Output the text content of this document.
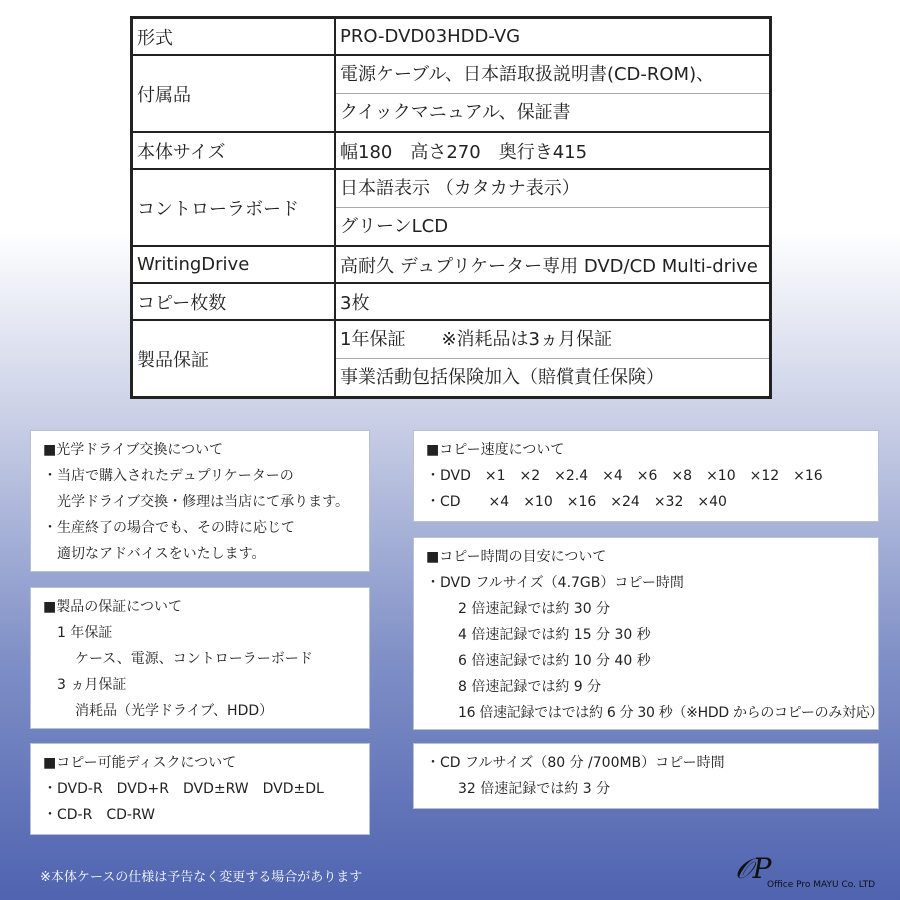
形式	PRO-DVD03HDD-VG
付属品	電源ケーブル、日本語取扱説明書(CD-ROM)、
クイックマニュアル、保証書

本体サイズ	幅180　高さ270　奥行き415
コントローラボード	日本語表示 （カタカナ表示）
グリーンLCD

WritingDrive	高耐久 デュプリケーター専用 DVD/CD Multi-drive
コピー枚数	3枚
製品保証	1年保証　　※消耗品は3ヵ月保証
事業活動包括保険加入（賠償責任保険）
■光学ドライブ交換について
・当店で購入されたデュプリケーターの
光学ドライブ交換・修理は当店にて承ります。
・生産終了の場合でも、その時に応じて
適切なアドバイスをいたします。
■製品の保証について
1 年保証
ケース、電源、コントローラーボード
3 ヵ月保証
消耗品（光学ドライブ、HDD）
■コピー可能ディスクについて
・DVD-R　DVD+R　DVD±RW　DVD±DL
・CD-R　CD-RW
■コピー速度について
・DVD　×1　×2　×2.4　×4　×6　×8　×10　×12　×16
・CD　　×4　×10　×16　×24　×32　×40
■コピー時間の目安について
・DVD フルサイズ（4.7GB）コピー時間
2 倍速記録では約 30 分
4 倍速記録では約 15 分 30 秒
6 倍速記録では約 10 分 40 秒
8 倍速記録では約 9 分
16 倍速記録ではでは約 6 分 30 秒（※HDD からのコピーのみ対応）
・CD フルサイズ（80 分 /700MB）コピー時間
32 倍速記録では約 3 分
※本体ケースの仕様は予告なく変更する場合があります	𝒪P
Office Pro MAYU Co. LTD
